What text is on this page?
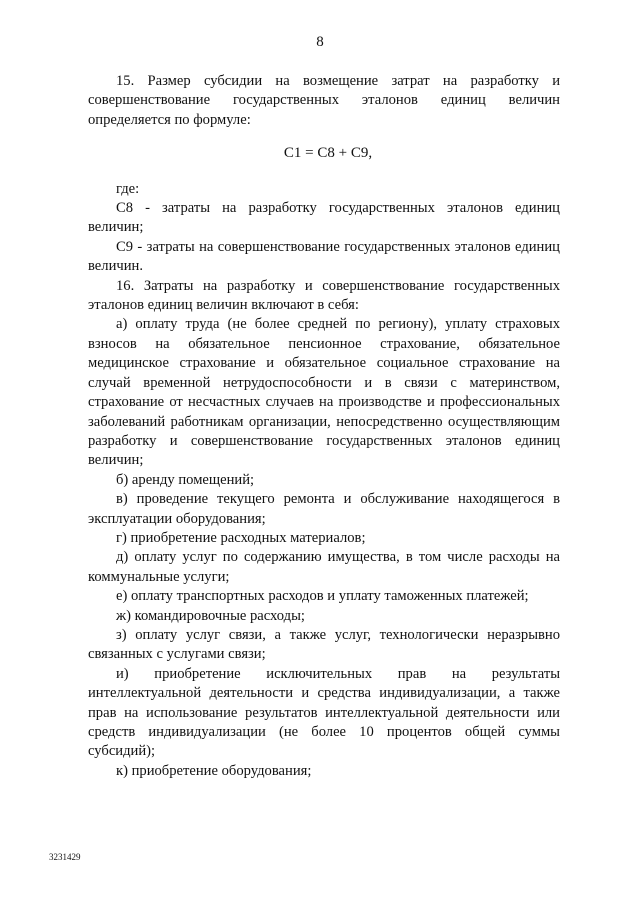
8

15. Размер субсидии на возмещение затрат на разработку и совершенствование государственных эталонов единиц величин определяется по формуле:

С1 = С8 + С9,

где:

С8 - затраты на разработку государственных эталонов единиц величин;

С9 - затраты на совершенствование государственных эталонов единиц величин.

16. Затраты на разработку и совершенствование государственных эталонов единиц величин включают в себя:

а) оплату труда (не более средней по региону), уплату страховых взносов на обязательное пенсионное страхование, обязательное медицинское страхование и обязательное социальное страхование на случай временной нетрудоспособности и в связи с материнством, страхование от несчастных случаев на производстве и профессиональных заболеваний работникам организации, непосредственно осуществляющим разработку и совершенствование государственных эталонов единиц величин;

б) аренду помещений;

в) проведение текущего ремонта и обслуживание находящегося в эксплуатации оборудования;

г) приобретение расходных материалов;

д) оплату услуг по содержанию имущества, в том числе расходы на коммунальные услуги;

е) оплату транспортных расходов и уплату таможенных платежей;

ж) командировочные расходы;

з) оплату услуг связи, а также услуг, технологически неразрывно связанных с услугами связи;

и) приобретение исключительных прав на результаты интеллектуальной деятельности и средства индивидуализации, а также прав на использование результатов интеллектуальной деятельности или средств индивидуализации (не более 10 процентов общей суммы субсидий);

к) приобретение оборудования;

3231429
